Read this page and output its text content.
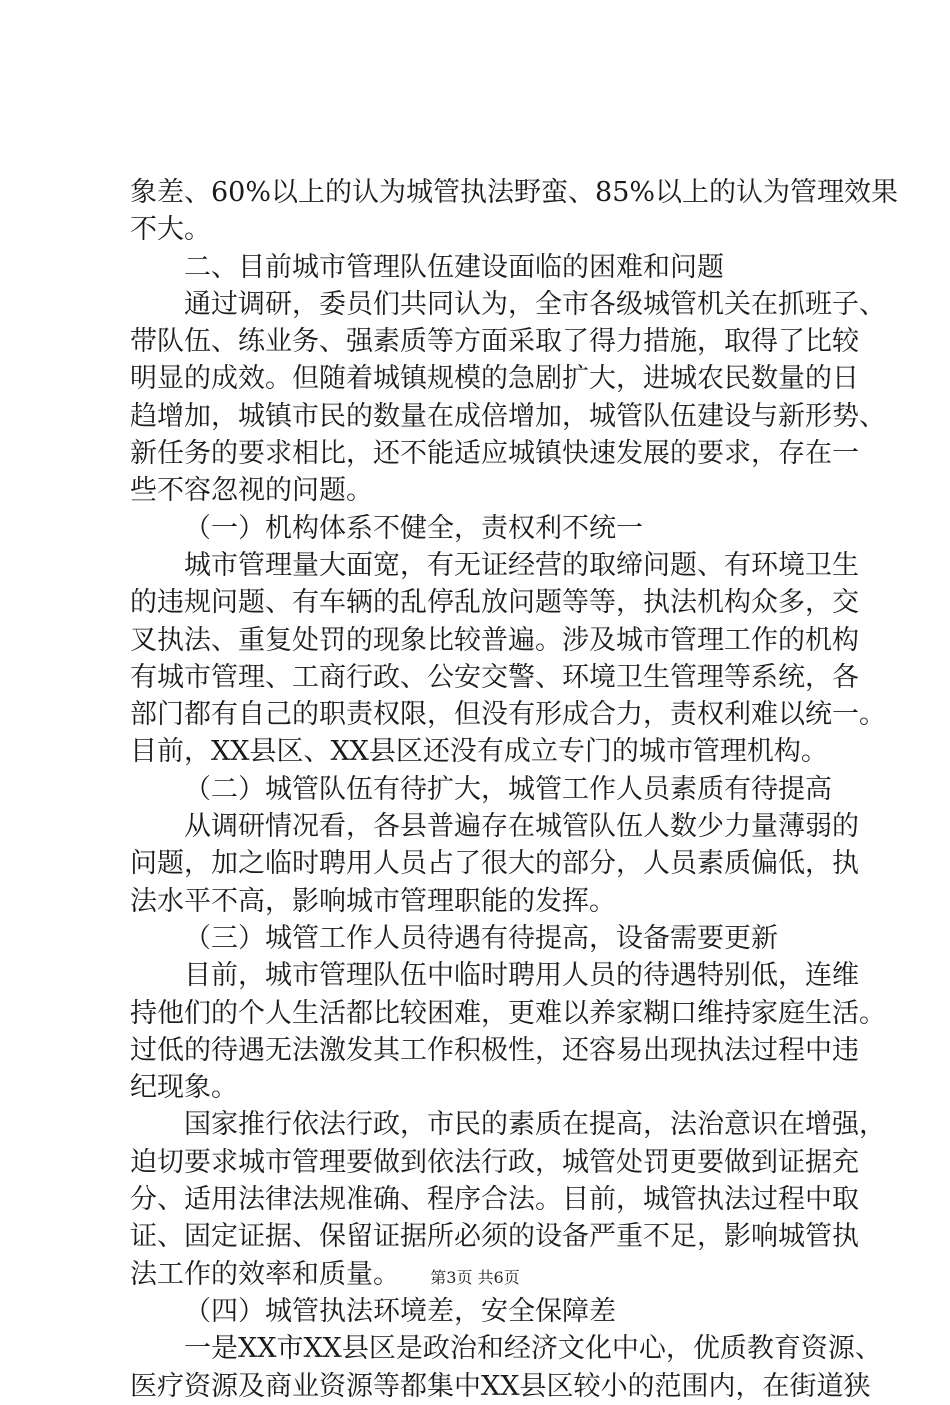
象差、60%以上的认为城管执法野蛮、85%以上的认为管理效果
不大。
二、目前城市管理队伍建设面临的困难和问题
通过调研，委员们共同认为，全市各级城管机关在抓班子、
带队伍、练业务、强素质等方面采取了得力措施，取得了比较
明显的成效。但随着城镇规模的急剧扩大，进城农民数量的日
趋增加，城镇市民的数量在成倍增加，城管队伍建设与新形势、
新任务的要求相比，还不能适应城镇快速发展的要求，存在一
些不容忽视的问题。
（一）机构体系不健全，责权利不统一
城市管理量大面宽，有无证经营的取缔问题、有环境卫生
的违规问题、有车辆的乱停乱放问题等等，执法机构众多，交
叉执法、重复处罚的现象比较普遍。涉及城市管理工作的机构
有城市管理、工商行政、公安交警、环境卫生管理等系统，各
部门都有自己的职责权限，但没有形成合力，责权利难以统一。
目前，XX县区、XX县区还没有成立专门的城市管理机构。
（二）城管队伍有待扩大，城管工作人员素质有待提高
从调研情况看，各县普遍存在城管队伍人数少力量薄弱的
问题，加之临时聘用人员占了很大的部分，人员素质偏低，执
法水平不高，影响城市管理职能的发挥。
（三）城管工作人员待遇有待提高，设备需要更新
目前，城市管理队伍中临时聘用人员的待遇特别低，连维
持他们的个人生活都比较困难，更难以养家糊口维持家庭生活。
过低的待遇无法激发其工作积极性，还容易出现执法过程中违
纪现象。
国家推行依法行政，市民的素质在提高，法治意识在增强，
迫切要求城市管理要做到依法行政，城管处罚更要做到证据充
分、适用法律法规准确、程序合法。目前，城管执法过程中取
证、固定证据、保留证据所必须的设备严重不足，影响城管执
法工作的效率和质量。
（四）城管执法环境差，安全保障差
一是XX市XX县区是政治和经济文化中心，优质教育资源、
医疗资源及商业资源等都集中XX县区较小的范围内，在街道狭
第3页 共6页
